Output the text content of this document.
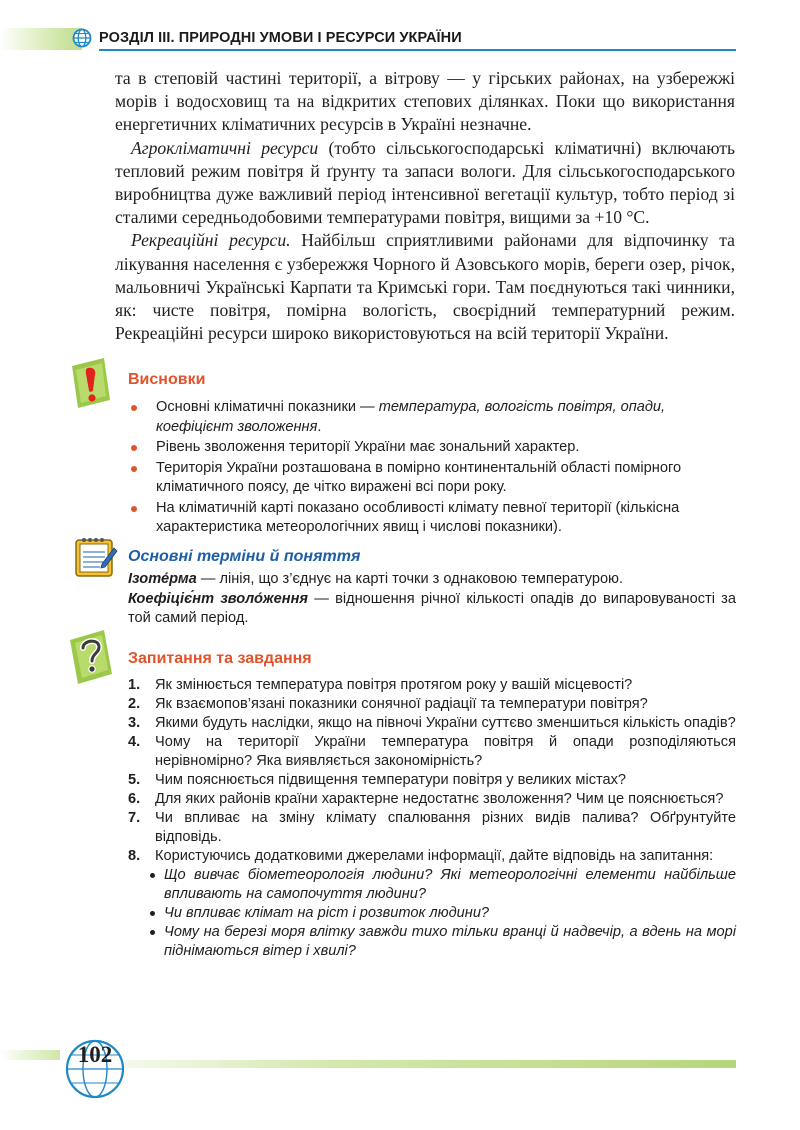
РОЗДІЛ ІІІ. ПРИРОДНІ УМОВИ І РЕСУРСИ УКРАЇНИ

та в степовій частині території, а вітрову — у гірських районах, на узбережжі морів і водосховищ та на відкритих степових ділянках. Поки що використання енергетичних кліматичних ресурсів в Україні незначне.

Агрокліматичні ресурси (тобто сільськогосподарські кліматичні) включають тепловий режим повітря й ґрунту та запаси вологи. Для сільськогосподарського виробництва дуже важливий період інтенсивної вегетації культур, тобто період зі сталими середньодобовими температурами повітря, вищими за +10 °С.

Рекреаційні ресурси. Найбільш сприятливими районами для відпочинку та лікування населення є узбережжя Чорного й Азовського морів, береги озер, річок, мальовничі Українські Карпати та Кримські гори. Там поєднуються такі чинники, як: чисте повітря, помірна вологість, своєрідний температурний режим. Рекреаційні ресурси широко використовуються на всій території України.

Висновки
Основні кліматичні показники — температура, вологість повітря, опади, коефіцієнт зволоження.
Рівень зволоження території України має зональний характер.
Територія України розташована в помірно континентальній області помірного кліматичного поясу, де чітко виражені всі пори року.
На кліматичній карті показано особливості клімату певної території (кількісна характеристика метеорологічних явищ і числові показники).
Основні терміни й поняття

Ізоте́рма — лінія, що з’єднує на карті точки з однаковою температурою.

Коефіціє́нт зволо́ження — відношення річної кількості опадів до випаровуваності за той самий період.

Запитання та завдання
1. Як змінюється температура повітря протягом року у вашій місцевості?
2. Як взаємопов’язані показники сонячної радіації та температури повітря?
3. Якими будуть наслідки, якщо на півночі України суттєво зменшиться кількість опадів?
4. Чому на території України температура повітря й опади розподіляються нерівномірно? Яка виявляється закономірність?
5. Чим пояснюється підвищення температури повітря у великих містах?
6. Для яких районів країни характерне недостатнє зволоження? Чим це пояснюється?
7. Чи впливає на зміну клімату спалювання різних видів палива? Обґрунтуйте відповідь.
8. Користуючись додатковими джерелами інформації, дайте відповідь на запитання:
Що вивчає біометеорологія людини? Які метеорологічні елементи найбільше впливають на самопочуття людини?
Чи впливає клімат на ріст і розвиток людини?
Чому на березі моря влітку завжди тихо тільки вранці й надвечір, а вдень на морі піднімаються вітер і хвилі?
102
